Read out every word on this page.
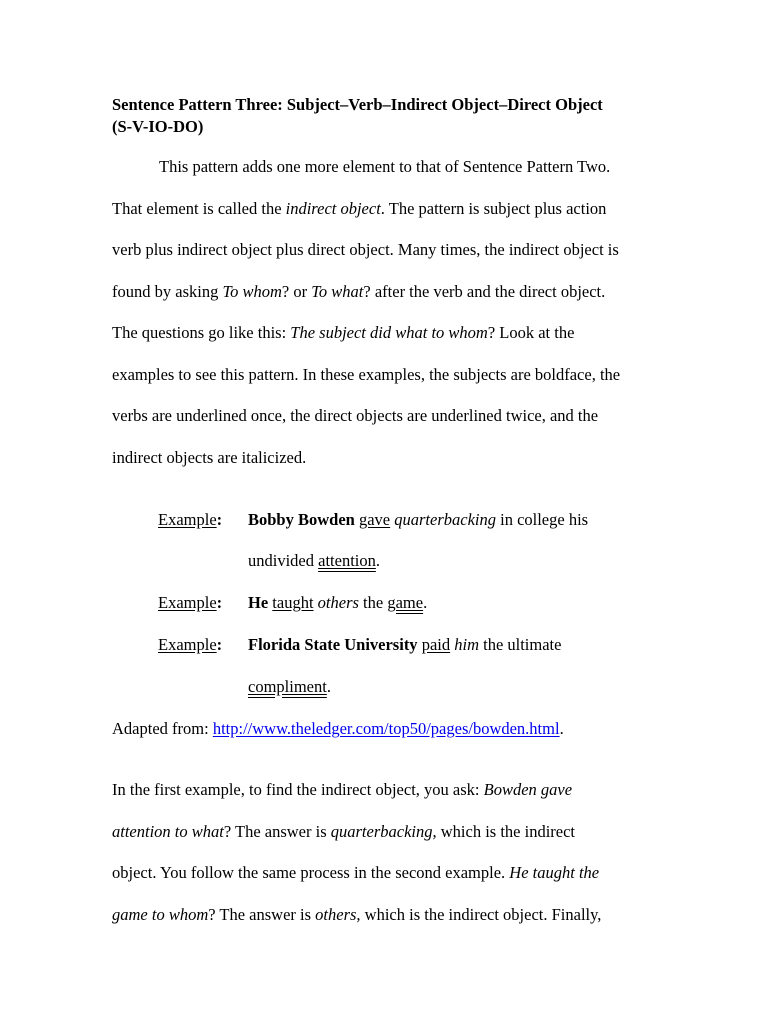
Sentence Pattern Three: Subject–Verb–Indirect Object–Direct Object
(S-V-IO-DO)
This pattern adds one more element to that of Sentence Pattern Two.
That element is called the indirect object. The pattern is subject plus action
verb plus indirect object plus direct object. Many times, the indirect object is
found by asking To whom? or To what? after the verb and the direct object.
The questions go like this: The subject did what to whom? Look at the
examples to see this pattern. In these examples, the subjects are boldface, the
verbs are underlined once, the direct objects are underlined twice, and the
indirect objects are italicized.
Example: Bobby Bowden gave quarterbacking in college his
undivided attention.
Example: He taught others the game.
Example: Florida State University paid him the ultimate
compliment.
Adapted from: http://www.theledger.com/top50/pages/bowden.html.
In the first example, to find the indirect object, you ask: Bowden gave
attention to what? The answer is quarterbacking, which is the indirect
object. You follow the same process in the second example. He taught the
game to whom? The answer is others, which is the indirect object. Finally,
